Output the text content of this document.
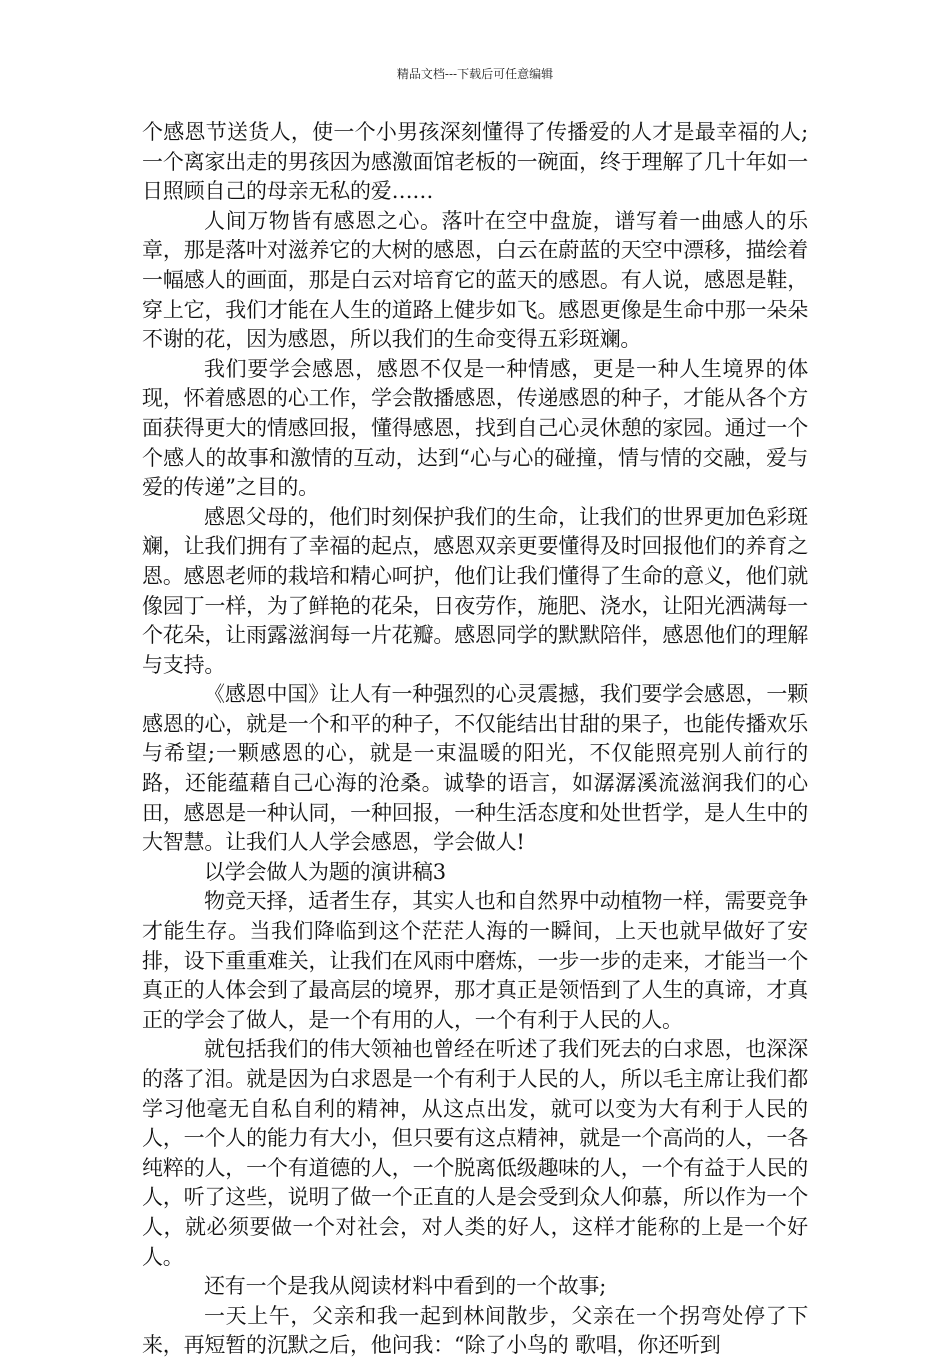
精品文档---下载后可任意编辑

个感恩节送货人，使一个小男孩深刻懂得了传播爱的人才是最幸福的人;一个离家出走的男孩因为感激面馆老板的一碗面，终于理解了几十年如一日照顾自己的母亲无私的爱……

人间万物皆有感恩之心。落叶在空中盘旋，谱写着一曲感人的乐章，那是落叶对滋养它的大树的感恩，白云在蔚蓝的天空中漂移，描绘着一幅感人的画面，那是白云对培育它的蓝天的感恩。有人说，感恩是鞋，穿上它，我们才能在人生的道路上健步如飞。感恩更像是生命中那一朵朵不谢的花，因为感恩，所以我们的生命变得五彩斑斓。

我们要学会感恩，感恩不仅是一种情感，更是一种人生境界的体现，怀着感恩的心工作，学会散播感恩，传递感恩的种子，才能从各个方面获得更大的情感回报，懂得感恩，找到自己心灵休憩的家园。通过一个个感人的故事和激情的互动，达到“心与心的碰撞，情与情的交融，爱与爱的传递”之目的。

感恩父母的，他们时刻保护我们的生命，让我们的世界更加色彩斑斓，让我们拥有了幸福的起点，感恩双亲更要懂得及时回报他们的养育之恩。感恩老师的栽培和精心呵护，他们让我们懂得了生命的意义，他们就像园丁一样，为了鲜艳的花朵，日夜劳作，施肥、浇水，让阳光洒满每一个花朵，让雨露滋润每一片花瓣。感恩同学的默默陪伴，感恩他们的理解与支持。

《感恩中国》让人有一种强烈的心灵震撼，我们要学会感恩，一颗感恩的心，就是一个和平的种子，不仅能结出甘甜的果子，也能传播欢乐与希望;一颗感恩的心，就是一束温暖的阳光，不仅能照亮别人前行的路，还能蕴藉自己心海的沧桑。诚挚的语言，如潺潺溪流滋润我们的心田，感恩是一种认同，一种回报，一种生活态度和处世哲学，是人生中的大智慧。让我们人人学会感恩，学会做人!

以学会做人为题的演讲稿3

物竞天择，适者生存，其实人也和自然界中动植物一样，需要竞争才能生存。当我们降临到这个茫茫人海的一瞬间，上天也就早做好了安排，设下重重难关，让我们在风雨中磨炼，一步一步的走来，才能当一个真正的人体会到了最高层的境界，那才真正是领悟到了人生的真谛，才真正的学会了做人，是一个有用的人，一个有利于人民的人。

就包括我们的伟大领袖也曾经在听述了我们死去的白求恩，也深深的落了泪。就是因为白求恩是一个有利于人民的人，所以毛主席让我们都学习他毫无自私自利的精神，从这点出发，就可以变为大有利于人民的人，一个人的能力有大小，但只要有这点精神，就是一个高尚的人，一各纯粹的人，一个有道德的人，一个脱离低级趣味的人，一个有益于人民的人，听了这些，说明了做一个正直的人是会受到众人仰慕，所以作为一个人，就必须要做一个对社会，对人类的好人，这样才能称的上是一个好人。

还有一个是我从阅读材料中看到的一个故事;

一天上午，父亲和我一起到林间散步，父亲在一个拐弯处停了下来，再短暂的沉默之后，他问我：“除了小鸟的 歌唱，你还听到
